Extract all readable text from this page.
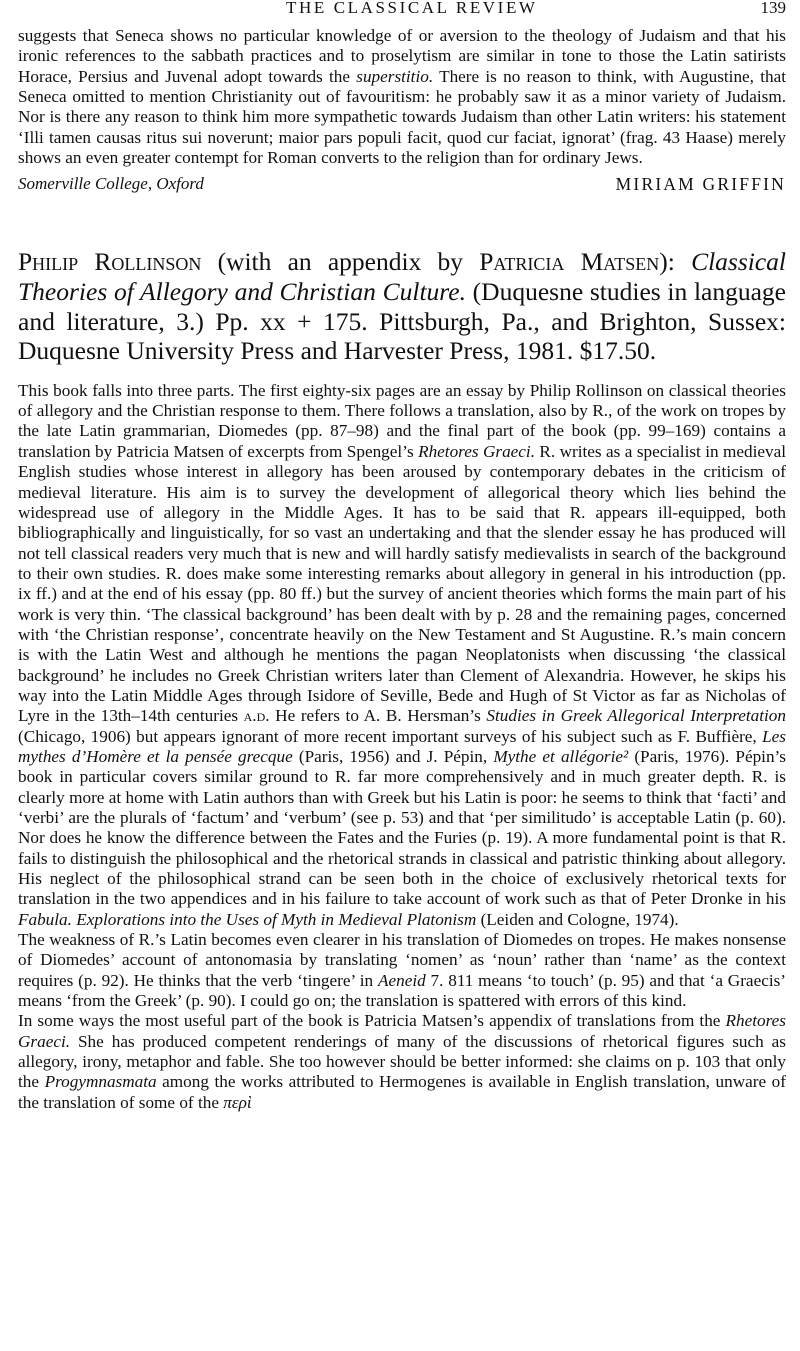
THE CLASSICAL REVIEW	139

suggests that Seneca shows no particular knowledge of or aversion to the theology of Judaism and that his ironic references to the sabbath practices and to proselytism are similar in tone to those the Latin satirists Horace, Persius and Juvenal adopt towards the superstitio. There is no reason to think, with Augustine, that Seneca omitted to mention Christianity out of favouritism: he probably saw it as a minor variety of Judaism. Nor is there any reason to think him more sympathetic towards Judaism than other Latin writers: his statement ‘Illi tamen causas ritus sui noverunt; maior pars populi facit, quod cur faciat, ignorat’ (frag. 43 Haase) merely shows an even greater contempt for Roman converts to the religion than for ordinary Jews.

Somerville College, Oxford	MIRIAM GRIFFIN

Philip Rollinson (with an appendix by Patricia Matsen): Classical Theories of Allegory and Christian Culture. (Duquesne studies in language and literature, 3.) Pp. xx + 175. Pittsburgh, Pa., and Brighton, Sussex: Duquesne University Press and Harvester Press, 1981. $17.50.

This book falls into three parts. The first eighty-six pages are an essay by Philip Rollinson on classical theories of allegory and the Christian response to them. There follows a translation, also by R., of the work on tropes by the late Latin grammarian, Diomedes (pp. 87–98) and the final part of the book (pp. 99–169) contains a translation by Patricia Matsen of excerpts from Spengel’s Rhetores Graeci. R. writes as a specialist in medieval English studies whose interest in allegory has been aroused by contemporary debates in the criticism of medieval literature. His aim is to survey the development of allegorical theory which lies behind the widespread use of allegory in the Middle Ages. It has to be said that R. appears ill-equipped, both bibliographically and linguistically, for so vast an undertaking and that the slender essay he has produced will not tell classical readers very much that is new and will hardly satisfy medievalists in search of the background to their own studies. R. does make some interesting remarks about allegory in general in his introduction (pp. ix ff.) and at the end of his essay (pp. 80 ff.) but the survey of ancient theories which forms the main part of his work is very thin. ‘The classical background’ has been dealt with by p. 28 and the remaining pages, concerned with ‘the Christian response’, concentrate heavily on the New Testament and St Augustine. R.’s main concern is with the Latin West and although he mentions the pagan Neoplatonists when discussing ‘the classical background’ he includes no Greek Christian writers later than Clement of Alexandria. However, he skips his way into the Latin Middle Ages through Isidore of Seville, Bede and Hugh of St Victor as far as Nicholas of Lyre in the 13th–14th centuries a.d. He refers to A. B. Hersman’s Studies in Greek Allegorical Interpretation (Chicago, 1906) but appears ignorant of more recent important surveys of his subject such as F. Buffière, Les mythes d’Homère et la pensée grecque (Paris, 1956) and J. Pépin, Mythe et allégorie² (Paris, 1976). Pépin’s book in particular covers similar ground to R. far more comprehensively and in much greater depth. R. is clearly more at home with Latin authors than with Greek but his Latin is poor: he seems to think that ‘facti’ and ‘verbi’ are the plurals of ‘factum’ and ‘verbum’ (see p. 53) and that ‘per similitudo’ is acceptable Latin (p. 60). Nor does he know the difference between the Fates and the Furies (p. 19). A more fundamental point is that R. fails to distinguish the philosophical and the rhetorical strands in classical and patristic thinking about allegory. His neglect of the philosophical strand can be seen both in the choice of exclusively rhetorical texts for translation in the two appendices and in his failure to take account of work such as that of Peter Dronke in his Fabula. Explorations into the Uses of Myth in Medieval Platonism (Leiden and Cologne, 1974).

The weakness of R.’s Latin becomes even clearer in his translation of Diomedes on tropes. He makes nonsense of Diomedes’ account of antonomasia by translating ‘nomen’ as ‘noun’ rather than ‘name’ as the context requires (p. 92). He thinks that the verb ‘tingere’ in Aeneid 7. 811 means ‘to touch’ (p. 95) and that ‘a Graecis’ means ‘from the Greek’ (p. 90). I could go on; the translation is spattered with errors of this kind.

In some ways the most useful part of the book is Patricia Matsen’s appendix of translations from the Rhetores Graeci. She has produced competent renderings of many of the discussions of rhetorical figures such as allegory, irony, metaphor and fable. She too however should be better informed: she claims on p. 103 that only the Progymnasmata among the works attributed to Hermogenes is available in English translation, unware of the translation of some of the περὶ
